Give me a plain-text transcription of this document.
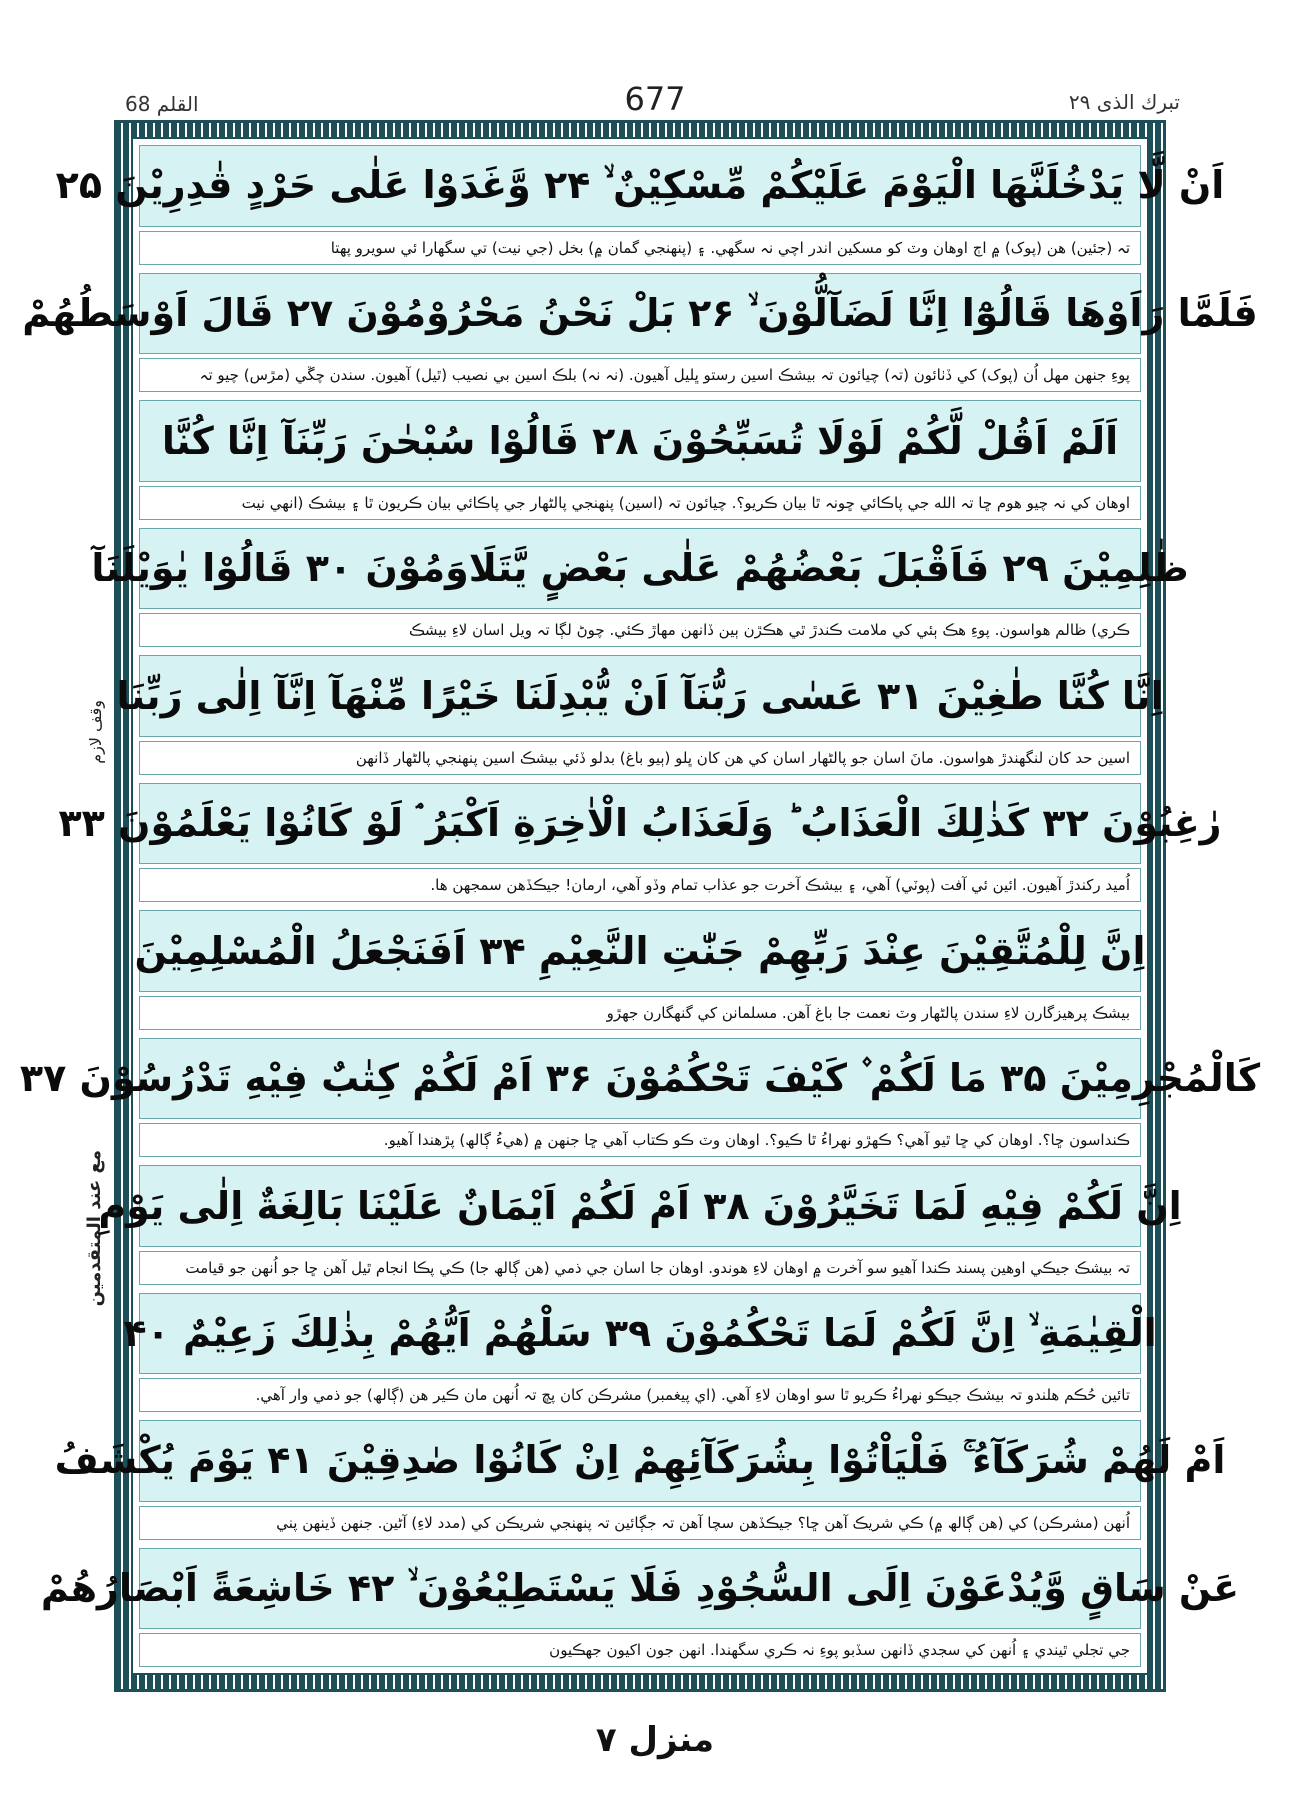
القلم 68	677	تبرك الذى ٢٩
وقف لازم
مع عند المتقدمين
اَنْ لَّا يَدْخُلَنَّهَا الْيَوْمَ عَلَيْكُمْ مِّسْكِيْنٌ ۙ ۲۴ وَّغَدَوْا عَلٰى حَرْدٍ قٰدِرِيْنَ ۲۵
تہ (جئين) ھن (پوک) ۾ اڄ اوھان وٽ کو مسکين اندر اچي نہ سگھي. ۽ (پنھنجي گمان ۾) بخل (جي نيت) تي سگھارا ئي سويرو پھتا
فَلَمَّا رَاَوْهَا قَالُوْٓا اِنَّا لَضَآلُّوْنَ ۙ ۲۶ بَلْ نَحْنُ مَحْرُوْمُوْنَ ۲۷ قَالَ اَوْسَطُهُمْ
پوءِ جنھن مھل اُن (پوک) کي ڏٺائون (تہ) چيائون تہ بيشڪ اسين رستو ڀليل آھيون. (نہ نہ) بلڪ اسين بي نصيب (ٿيل) آھيون. سندن چڱي (مڙس) چيو تہ
اَلَمْ اَقُلْ لَّكُمْ لَوْلَا تُسَبِّحُوْنَ ۲۸ قَالُوْا سُبْحٰنَ رَبِّنَآ اِنَّا كُنَّا
اوھان کي نہ چيو ھوم ڇا تہ الله جي پاڪائي ڇونہ ٿا بيان ڪريو؟. چيائون تہ (اسين) پنھنجي پالڻھار جي پاڪائي بيان ڪريون ٿا ۽ بيشڪ (انھي نيت
ظٰلِمِيْنَ ۲۹ فَاَقْبَلَ بَعْضُهُمْ عَلٰى بَعْضٍ يَّتَلَاوَمُوْنَ ۳۰ قَالُوْا يٰوَيْلَنَآ
ڪري) ظالم ھواسون. پوءِ ھڪ ٻئي کي ملامت ڪندڙ ٿي ھڪڙن ٻين ڏانھن مھاڙ ڪئي. چوڻ لڳا تہ ويل اسان لاءِ بيشڪ
اِنَّا كُنَّا طٰغِيْنَ ۳۱ عَسٰى رَبُّنَآ اَنْ يُّبْدِلَنَا خَيْرًا مِّنْهَآ اِنَّآ اِلٰى رَبِّنَا
اسين حد کان لنگھندڙ ھواسون. مانَ اسان جو پالڻھار اسان کي ھن کان ڀلو (ٻيو باغ) بدلو ڏئي بيشڪ اسين پنھنجي پالڻھار ڏانھن
رٰغِبُوْنَ ۳۲ كَذٰلِكَ الْعَذَابُ ؕ وَلَعَذَابُ الْاٰخِرَةِ اَكْبَرُ ۘ لَوْ كَانُوْا يَعْلَمُوْنَ ۳۳
اُميد رکندڙ آھيون. ائين ئي آفت (پوٽي) آھي، ۽ بيشڪ آخرت جو عذاب تمام وڏو آھي، ارمان! جيڪڏھن سمجھن ھا.
اِنَّ لِلْمُتَّقِيْنَ عِنْدَ رَبِّهِمْ جَنّٰتِ النَّعِيْمِ ۳۴ اَفَنَجْعَلُ الْمُسْلِمِيْنَ
بيشڪ پرھيزگارن لاءِ سندن پالڻھار وٽ نعمت جا باغ آھن. مسلمانن کي گنھگارن جھڙو
كَالْمُجْرِمِيْنَ ۳۵ مَا لَكُمْ ۫ كَيْفَ تَحْكُمُوْنَ ۳۶ اَمْ لَكُمْ كِتٰبٌ فِيْهِ تَدْرُسُوْنَ ۳۷
ڪنداسون ڇا؟. اوھان کي ڇا ٿيو آھي؟ ڪھڙو نھراءُ ٿا ڪيو؟. اوھان وٽ ڪو ڪتاب آھي ڇا جنھن ۾ (ھيءُ ڳالھ) پڙھندا آھيو.
اِنَّ لَكُمْ فِيْهِ لَمَا تَخَيَّرُوْنَ ۳۸ اَمْ لَكُمْ اَيْمَانٌ عَلَيْنَا بَالِغَةٌ اِلٰى يَوْمِ
تہ بيشڪ جيڪي اوھين پسند ڪندا آھيو سو آخرت ۾ اوھان لاءِ ھوندو. اوھان جا اسان جي ذمي (ھن ڳالھ جا) ڪي پڪا انجام ٿيل آھن ڇا جو اُنھن جو قيامت
الْقِيٰمَةِ ۙ اِنَّ لَكُمْ لَمَا تَحْكُمُوْنَ ۳۹ سَلْهُمْ اَيُّهُمْ بِذٰلِكَ زَعِيْمٌ ۴۰
تائين حُڪم ھلندو تہ بيشڪ جيڪو نھراءُ ڪريو ٿا سو اوھان لاءِ آھي. (اي پيغمبر) مشرڪن کان پڇ تہ اُنھن مان ڪير ھن (ڳالھ) جو ذمي وار آھي.
اَمْ لَهُمْ شُرَكَآءُ ۚ فَلْيَاْتُوْا بِشُرَكَآئِهِمْ اِنْ كَانُوْا صٰدِقِيْنَ ۴۱ يَوْمَ يُكْشَفُ
اُنھن (مشرڪن) کي (ھن ڳالھ ۾) ڪي شريڪ آھن ڇا؟ جيڪڏھن سچا آھن تہ جڳائين تہ پنھنجي شريڪن کي (مدد لاءِ) آڻين. جنھن ڏينھن پني
عَنْ سَاقٍ وَّيُدْعَوْنَ اِلَى السُّجُوْدِ فَلَا يَسْتَطِيْعُوْنَ ۙ ۴۲ خَاشِعَةً اَبْصَارُهُمْ
جي تجلي ٿيندي ۽ اُنھن کي سجدي ڏانھن سڏبو پوءِ نہ ڪري سگھندا. انھن جون اکيون جھڪيون
منزل ۷
